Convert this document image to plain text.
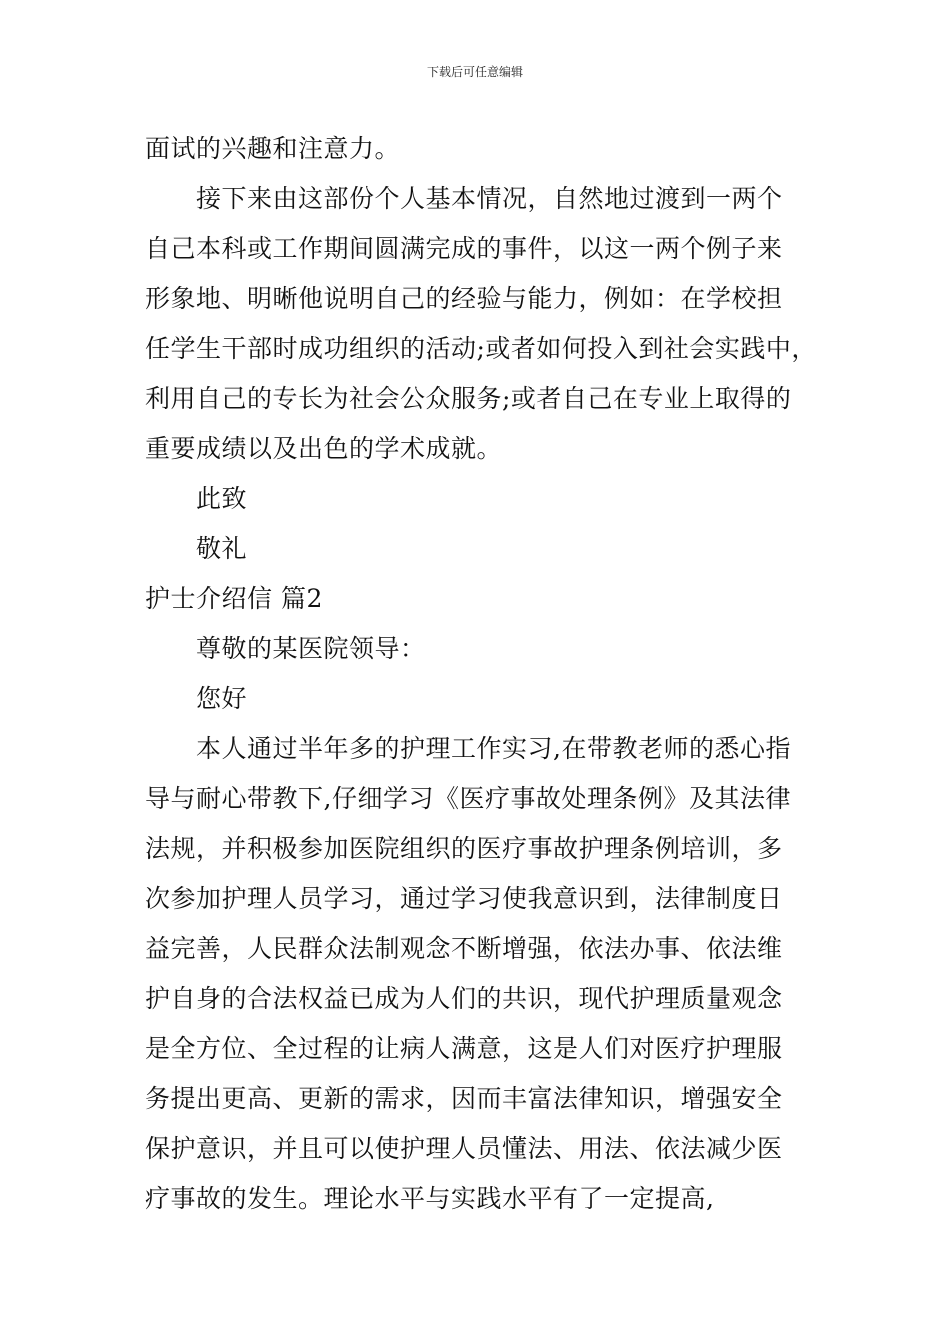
下载后可任意编辑
面试的兴趣和注意力。
接下来由这部份个人基本情况，自然地过渡到一两个
自己本科或工作期间圆满完成的事件，以这一两个例子来
形象地、明晰他说明自己的经验与能力，例如：在学校担
任学生干部时成功组织的活动;或者如何投入到社会实践中，
利用自己的专长为社会公众服务;或者自己在专业上取得的
重要成绩以及出色的学术成就。
此致
敬礼
护士介绍信 篇2
尊敬的某医院领导：
您好
本人通过半年多的护理工作实习,在带教老师的悉心指
导与耐心带教下,仔细学习《医疗事故处理条例》及其法律
法规，并积极参加医院组织的医疗事故护理条例培训，多
次参加护理人员学习，通过学习使我意识到，法律制度日
益完善，人民群众法制观念不断增强，依法办事、依法维
护自身的合法权益已成为人们的共识，现代护理质量观念
是全方位、全过程的让病人满意，这是人们对医疗护理服
务提出更高、更新的需求，因而丰富法律知识，增强安全
保护意识，并且可以使护理人员懂法、用法、依法减少医
疗事故的发生。理论水平与实践水平有了一定提高,
